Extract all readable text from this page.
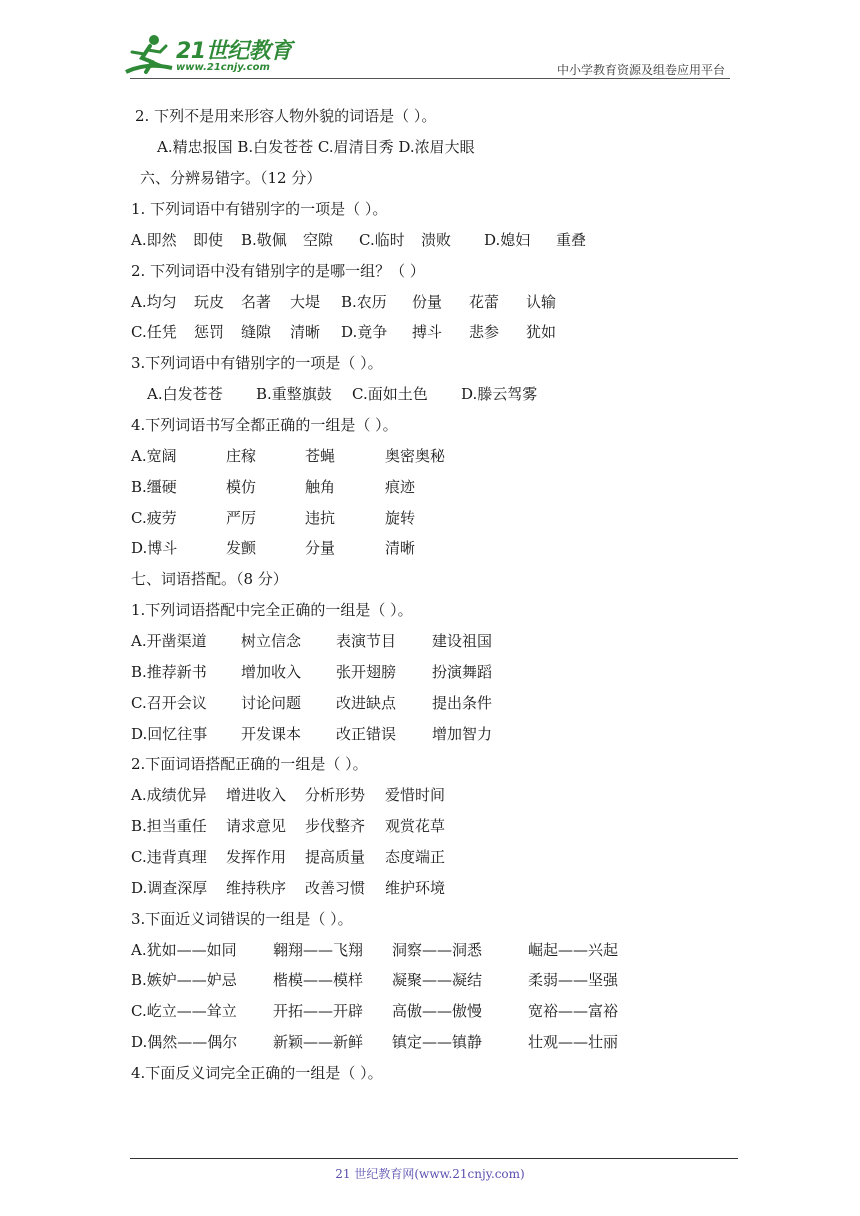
21世纪教育
www.21cnjy.com	中小学教育资源及组卷应用平台
2. 下列不是用来形容人物外貌的词语是（ ）。
A.精忠报国 B.白发苍苍 C.眉清目秀 D.浓眉大眼
六、分辨易错字。（12 分）
1. 下列词语中有错别字的一项是（ ）。
A.即然 即使 B.敬佩 空隙 C.临时 溃败 D.媳妇 重叠
2. 下列词语中没有错别字的是哪一组？（ ）
A.均匀 玩皮 名著 大堤 B.农历 份量 花蕾 认输
C.任凭 惩罚 缝隙 清晰 D.竟争 搏斗 悲参 犹如
3.下列词语中有错别字的一项是（ ）。
A.白发苍苍 B.重整旗鼓 C.面如土色 D.滕云驾雾
4.下列词语书写全都正确的一组是（ ）。
A.宽阔	庄稼	苍蝇	奥密奥秘
B.缰硬	模仿	触角	痕迹
C.疲劳	严厉	违抗	旋转
D.博斗	发颤	分量	清晰
七、词语搭配。（8 分）
1.下列词语搭配中完全正确的一组是（ ）。
A.开凿渠道 树立信念 表演节目 建设祖国
B.推荐新书 增加收入 张开翅膀 扮演舞蹈
C.召开会议 讨论问题 改进缺点 提出条件
D.回忆往事 开发课本 改正错误 增加智力
2.下面词语搭配正确的一组是（ ）。
A.成绩优异 增进收入 分析形势 爱惜时间
B.担当重任 请求意见 步伐整齐 观赏花草
C.违背真理 发挥作用 提高质量 态度端正
D.调查深厚 维持秩序 改善习惯 维护环境
3.下面近义词错误的一组是（ ）。
A.犹如——如同 翱翔——飞翔 洞察——洞悉	崛起——兴起
B.嫉妒——妒忌 楷模——模样 凝聚——凝结	柔弱——坚强
C.屹立——耸立 开拓——开辟 高傲——傲慢	宽裕——富裕
D.偶然——偶尔 新颖——新鲜 镇定——镇静	壮观——壮丽
4.下面反义词完全正确的一组是（ ）。
21 世纪教育网(www.21cnjy.com)
